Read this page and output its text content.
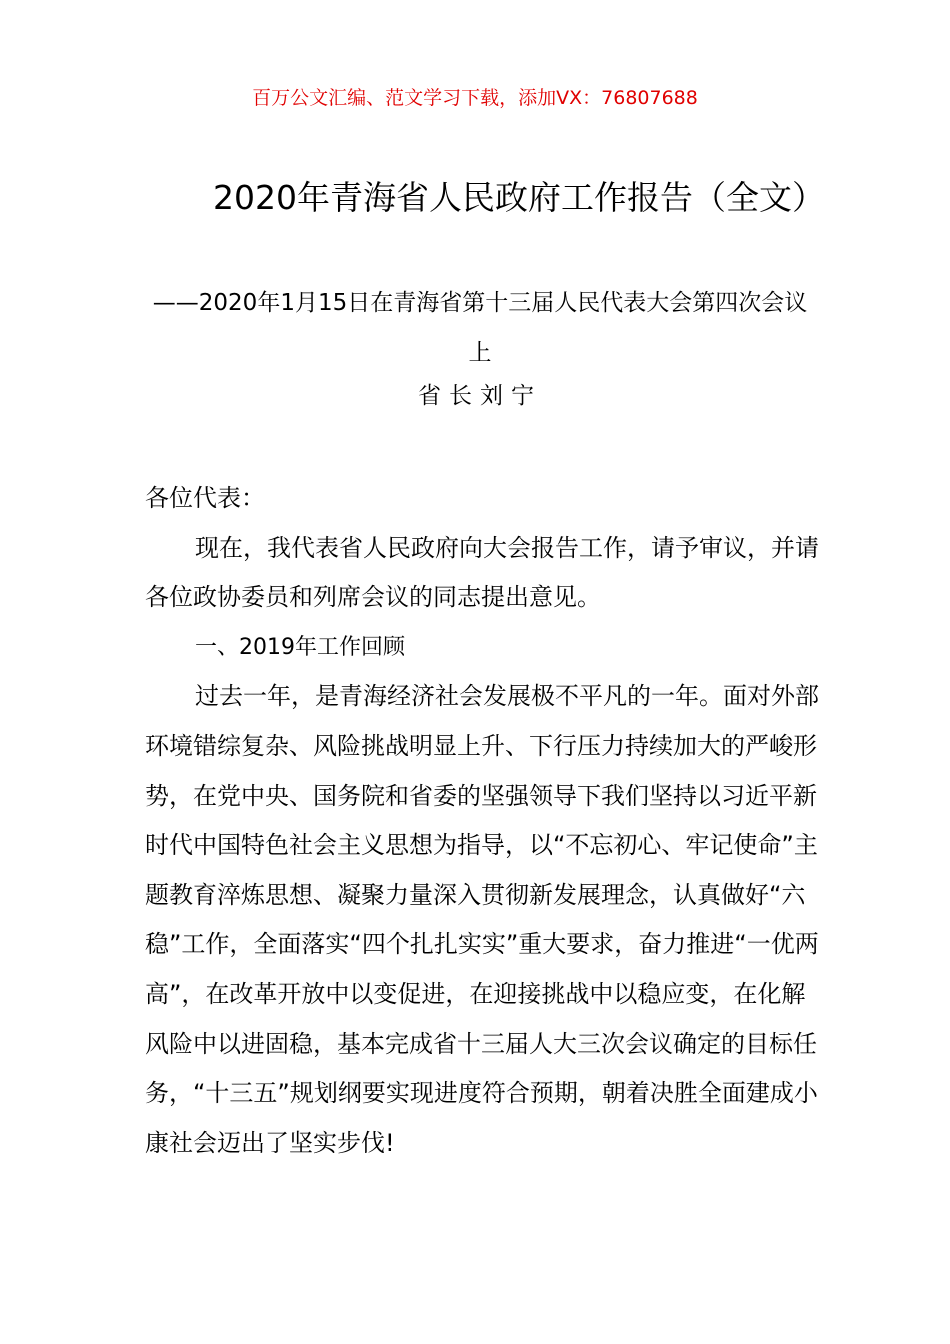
百万公文汇编、范文学习下载，添加VX：76807688
2020年青海省人民政府工作报告（全文）
——2020年1月15日在青海省第十三届人民代表大会第四次会议上
省长刘宁

各位代表：

现在，我代表省人民政府向大会报告工作，请予审议，并请各位政协委员和列席会议的同志提出意见。

一、2019年工作回顾

过去一年，是青海经济社会发展极不平凡的一年。面对外部环境错综复杂、风险挑战明显上升、下行压力持续加大的严峻形势，在党中央、国务院和省委的坚强领导下我们坚持以习近平新时代中国特色社会主义思想为指导，以“不忘初心、牢记使命”主题教育淬炼思想、凝聚力量深入贯彻新发展理念，认真做好“六稳”工作，全面落实“四个扎扎实实”重大要求，奋力推进“一优两高”，在改革开放中以变促进，在迎接挑战中以稳应变，在化解风险中以进固稳，基本完成省十三届人大三次会议确定的目标任务，“十三五”规划纲要实现进度符合预期，朝着决胜全面建成小康社会迈出了坚实步伐!
